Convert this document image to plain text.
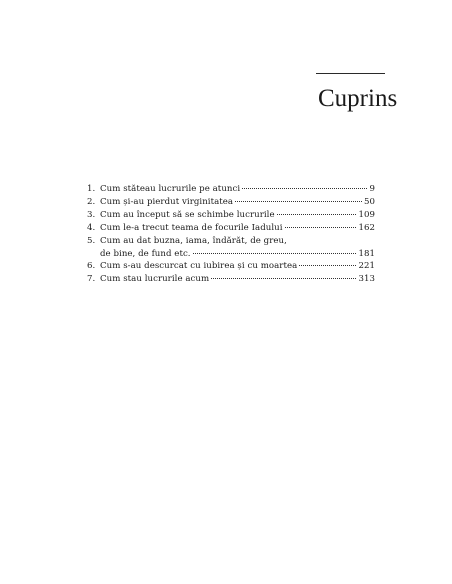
Cuprins
1. Cum stăteau lucrurile pe atunci	9
2. Cum și-au pierdut virginitatea	50
3. Cum au început să se schimbe lucrurile	109
4. Cum le-a trecut teama de focurile Iadului	162
5. Cum au dat buzna, iama, îndărăt, de greu,
de bine, de fund etc.	181
6. Cum s-au descurcat cu iubirea și cu moartea	221
7. Cum stau lucrurile acum	313
